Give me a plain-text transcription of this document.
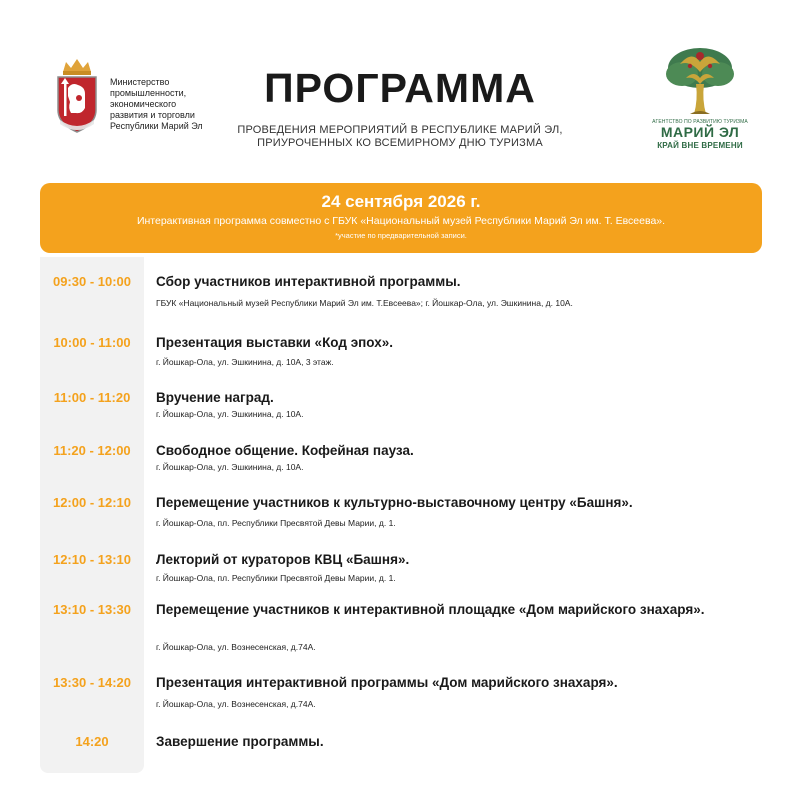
Министерство
промышленности,
экономического
развития и торговли
Республики Марий Эл
ПРОГРАММА
ПРОВЕДЕНИЯ МЕРОПРИЯТИЙ В РЕСПУБЛИКЕ МАРИЙ ЭЛ,
ПРИУРОЧЕННЫХ КО ВСЕМИРНОМУ ДНЮ ТУРИЗМА
АГЕНТСТВО ПО РАЗВИТИЮ ТУРИЗМА
МАРИЙ ЭЛ
КРАЙ ВНЕ ВРЕМЕНИ
24 сентября 2026 г.
Интерактивная программа совместно с ГБУК «Национальный музей Республики Марий Эл им. Т. Евсеева».
*участие по предварительной записи.
09:30 - 10:00	Сбор участников интерактивной программы.
ГБУК «Национальный музей Республики Марий Эл им. Т.Евсеева»; г. Йошкар-Ола, ул. Эшкинина, д. 10А.
10:00 - 11:00	Презентация выставки «Код эпох».
г. Йошкар-Ола, ул. Эшкинина, д. 10А, 3 этаж.
11:00 - 11:20	Вручение наград.
г. Йошкар-Ола, ул. Эшкинина, д. 10А.
11:20 - 12:00	Свободное общение. Кофейная пауза.
г. Йошкар-Ола, ул. Эшкинина, д. 10А.
12:00 - 12:10	Перемещение участников к культурно-выставочному центру «Башня».
г. Йошкар-Ола, пл. Республики Пресвятой Девы Марии, д. 1.
12:10 - 13:10	Лекторий от кураторов КВЦ «Башня».
г. Йошкар-Ола, пл. Республики Пресвятой Девы Марии, д. 1.
13:10 - 13:30	Перемещение участников к интерактивной площадке «Дом марийского знахаря».
г. Йошкар-Ола, ул. Вознесенская, д.74А.
13:30 - 14:20	Презентация интерактивной программы «Дом марийского знахаря».
г. Йошкар-Ола, ул. Вознесенская, д.74А.
14:20	Завершение программы.
